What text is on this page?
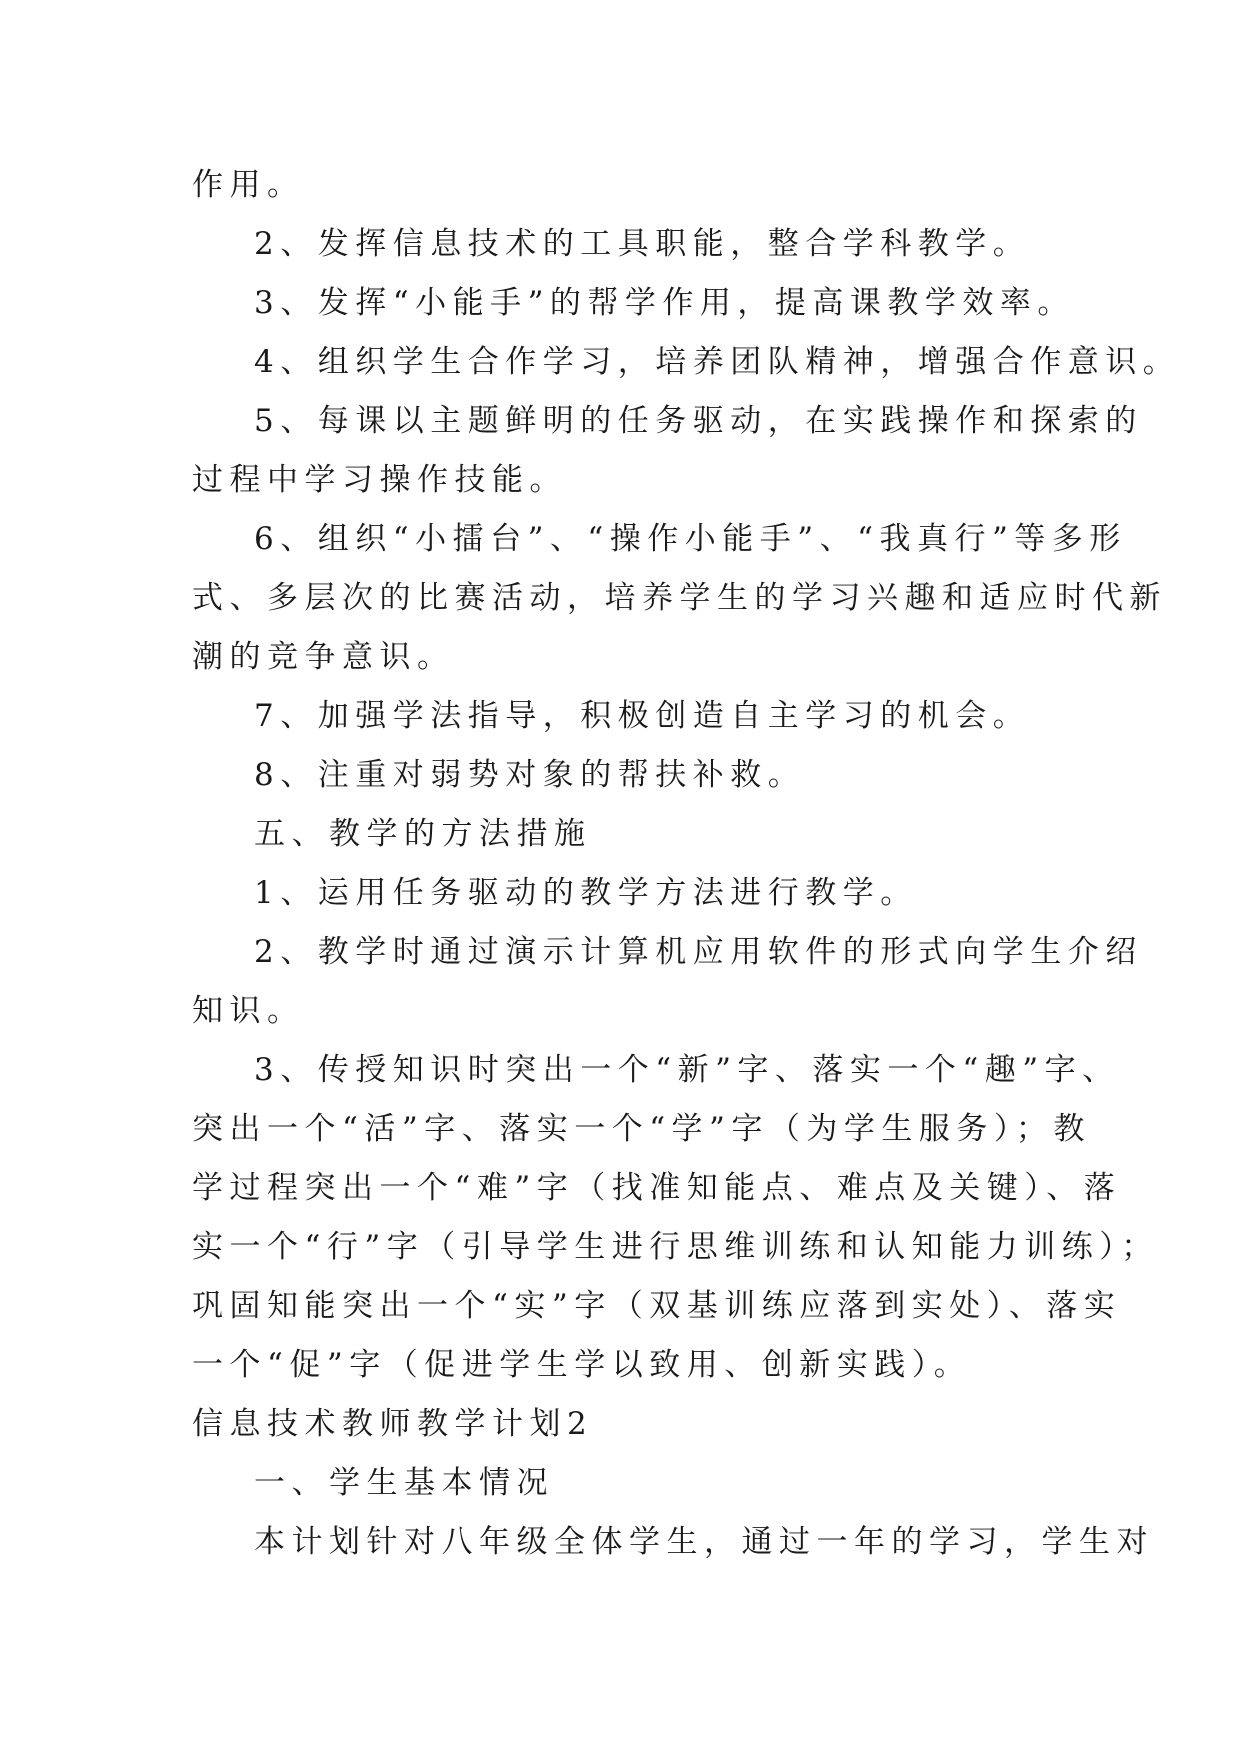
作用。
2、发挥信息技术的工具职能，整合学科教学。
3、发挥“小能手”的帮学作用，提高课教学效率。
4、组织学生合作学习，培养团队精神，增强合作意识。
5、每课以主题鲜明的任务驱动，在实践操作和探索的
过程中学习操作技能。
6、组织“小擂台”、“操作小能手”、“我真行”等多形
式、多层次的比赛活动，培养学生的学习兴趣和适应时代新
潮的竞争意识。
7、加强学法指导，积极创造自主学习的机会。
8、注重对弱势对象的帮扶补救。
五、教学的方法措施
1、运用任务驱动的教学方法进行教学。
2、教学时通过演示计算机应用软件的形式向学生介绍
知识。
3、传授知识时突出一个“新”字、落实一个“趣”字、
突出一个“活”字、落实一个“学”字（为学生服务）；教
学过程突出一个“难”字（找准知能点、难点及关键）、落
实一个“行”字（引导学生进行思维训练和认知能力训练）；
巩固知能突出一个“实”字（双基训练应落到实处）、落实
一个“促”字（促进学生学以致用、创新实践）。
信息技术教师教学计划2
一、学生基本情况
本计划针对八年级全体学生，通过一年的学习，学生对
